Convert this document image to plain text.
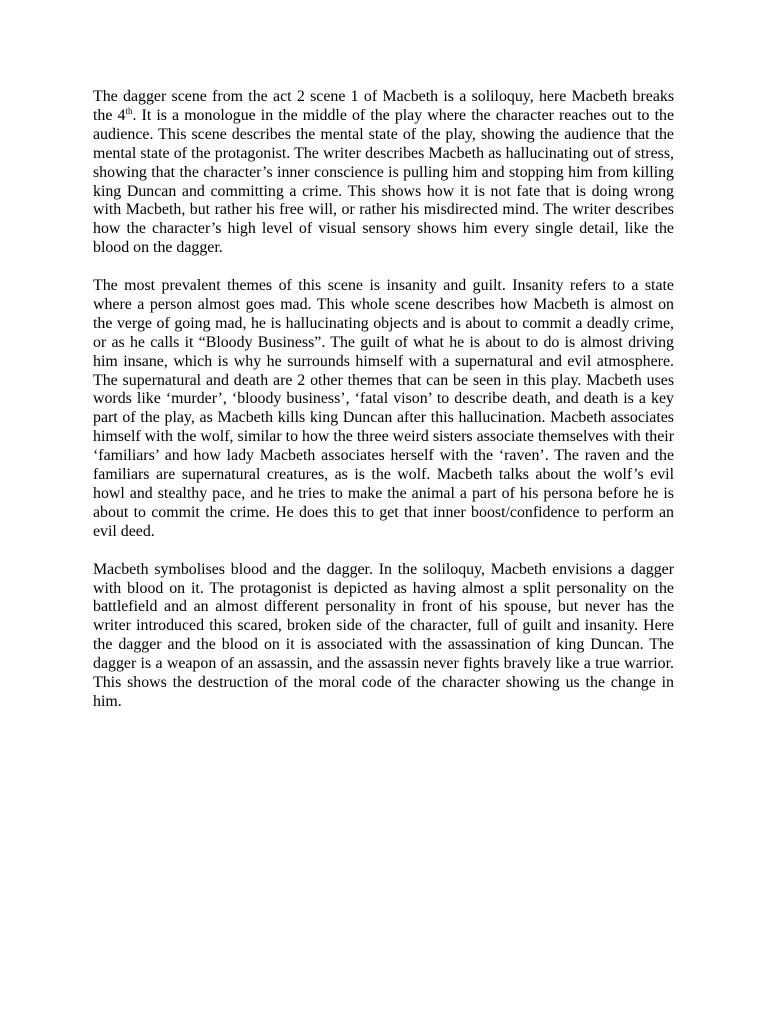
The dagger scene from the act 2 scene 1 of Macbeth is a soliloquy, here Macbeth breaks the 4th. It is a monologue in the middle of the play where the character reaches out to the audience. This scene describes the mental state of the play, showing the audience that the mental state of the protagonist. The writer describes Macbeth as hallucinating out of stress, showing that the character’s inner conscience is pulling him and stopping him from killing king Duncan and committing a crime. This shows how it is not fate that is doing wrong with Macbeth, but rather his free will, or rather his misdirected mind. The writer describes how the character’s high level of visual sensory shows him every single detail, like the blood on the dagger.

The most prevalent themes of this scene is insanity and guilt. Insanity refers to a state where a person almost goes mad. This whole scene describes how Macbeth is almost on the verge of going mad, he is hallucinating objects and is about to commit a deadly crime, or as he calls it “Bloody Business”. The guilt of what he is about to do is almost driving him insane, which is why he surrounds himself with a supernatural and evil atmosphere. The supernatural and death are 2 other themes that can be seen in this play. Macbeth uses words like ‘murder’, ‘bloody business’, ‘fatal vison’ to describe death, and death is a key part of the play, as Macbeth kills king Duncan after this hallucination. Macbeth associates himself with the wolf, similar to how the three weird sisters associate themselves with their ‘familiars’ and how lady Macbeth associates herself with the ‘raven’. The raven and the familiars are supernatural creatures, as is the wolf. Macbeth talks about the wolf’s evil howl and stealthy pace, and he tries to make the animal a part of his persona before he is about to commit the crime. He does this to get that inner boost/confidence to perform an evil deed.

Macbeth symbolises blood and the dagger. In the soliloquy, Macbeth envisions a dagger with blood on it. The protagonist is depicted as having almost a split personality on the battlefield and an almost different personality in front of his spouse, but never has the writer introduced this scared, broken side of the character, full of guilt and insanity. Here the dagger and the blood on it is associated with the assassination of king Duncan. The dagger is a weapon of an assassin, and the assassin never fights bravely like a true warrior. This shows the destruction of the moral code of the character showing us the change in him.
